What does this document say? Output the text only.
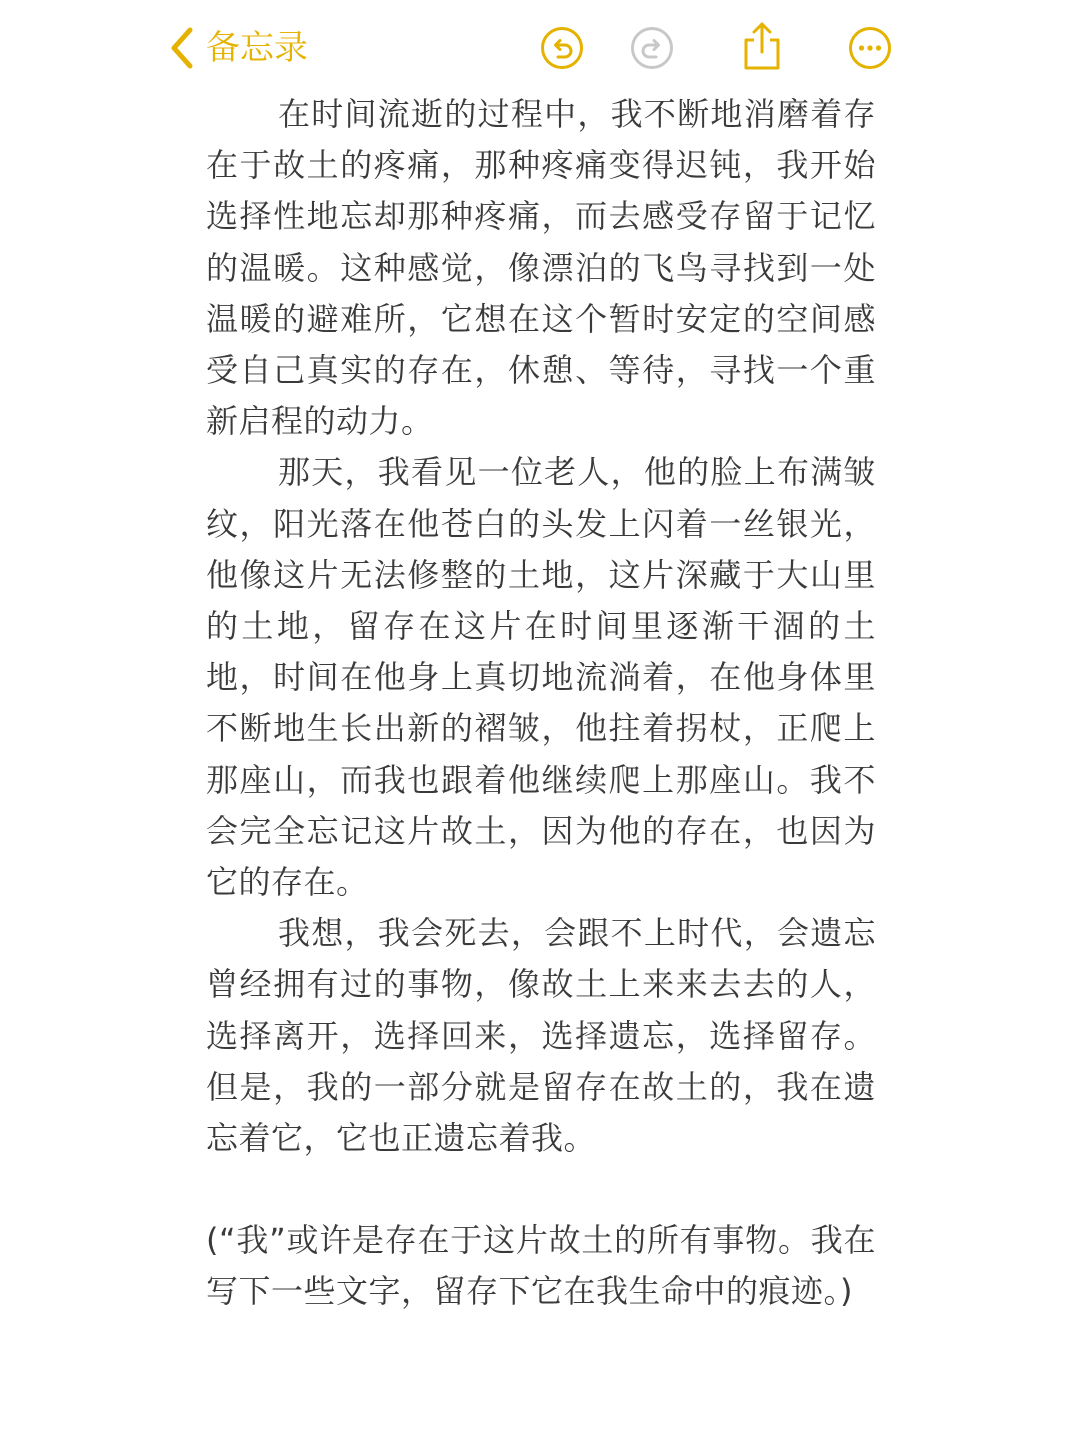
备忘录

在时间流逝的过程中，我不断地消磨着存在于故土的疼痛，那种疼痛变得迟钝，我开始选择性地忘却那种疼痛，而去感受存留于记忆的温暖。这种感觉，像漂泊的飞鸟寻找到一处温暖的避难所，它想在这个暂时安定的空间感受自己真实的存在，休憩、等待，寻找一个重新启程的动力。

那天，我看见一位老人，他的脸上布满皱纹，阳光落在他苍白的头发上闪着一丝银光，他像这片无法修整的土地，这片深藏于大山里的土地，留存在这片在时间里逐渐干涸的土地，时间在他身上真切地流淌着，在他身体里不断地生长出新的褶皱，他拄着拐杖，正爬上那座山，而我也跟着他继续爬上那座山。我不会完全忘记这片故土，因为他的存在，也因为它的存在。

我想，我会死去，会跟不上时代，会遗忘曾经拥有过的事物，像故土上来来去去的人，选择离开，选择回来，选择遗忘，选择留存。但是，我的一部分就是留存在故土的，我在遗忘着它，它也正遗忘着我。

(“我”或许是存在于这片故土的所有事物。我在写下一些文字，留存下它在我生命中的痕迹。)
